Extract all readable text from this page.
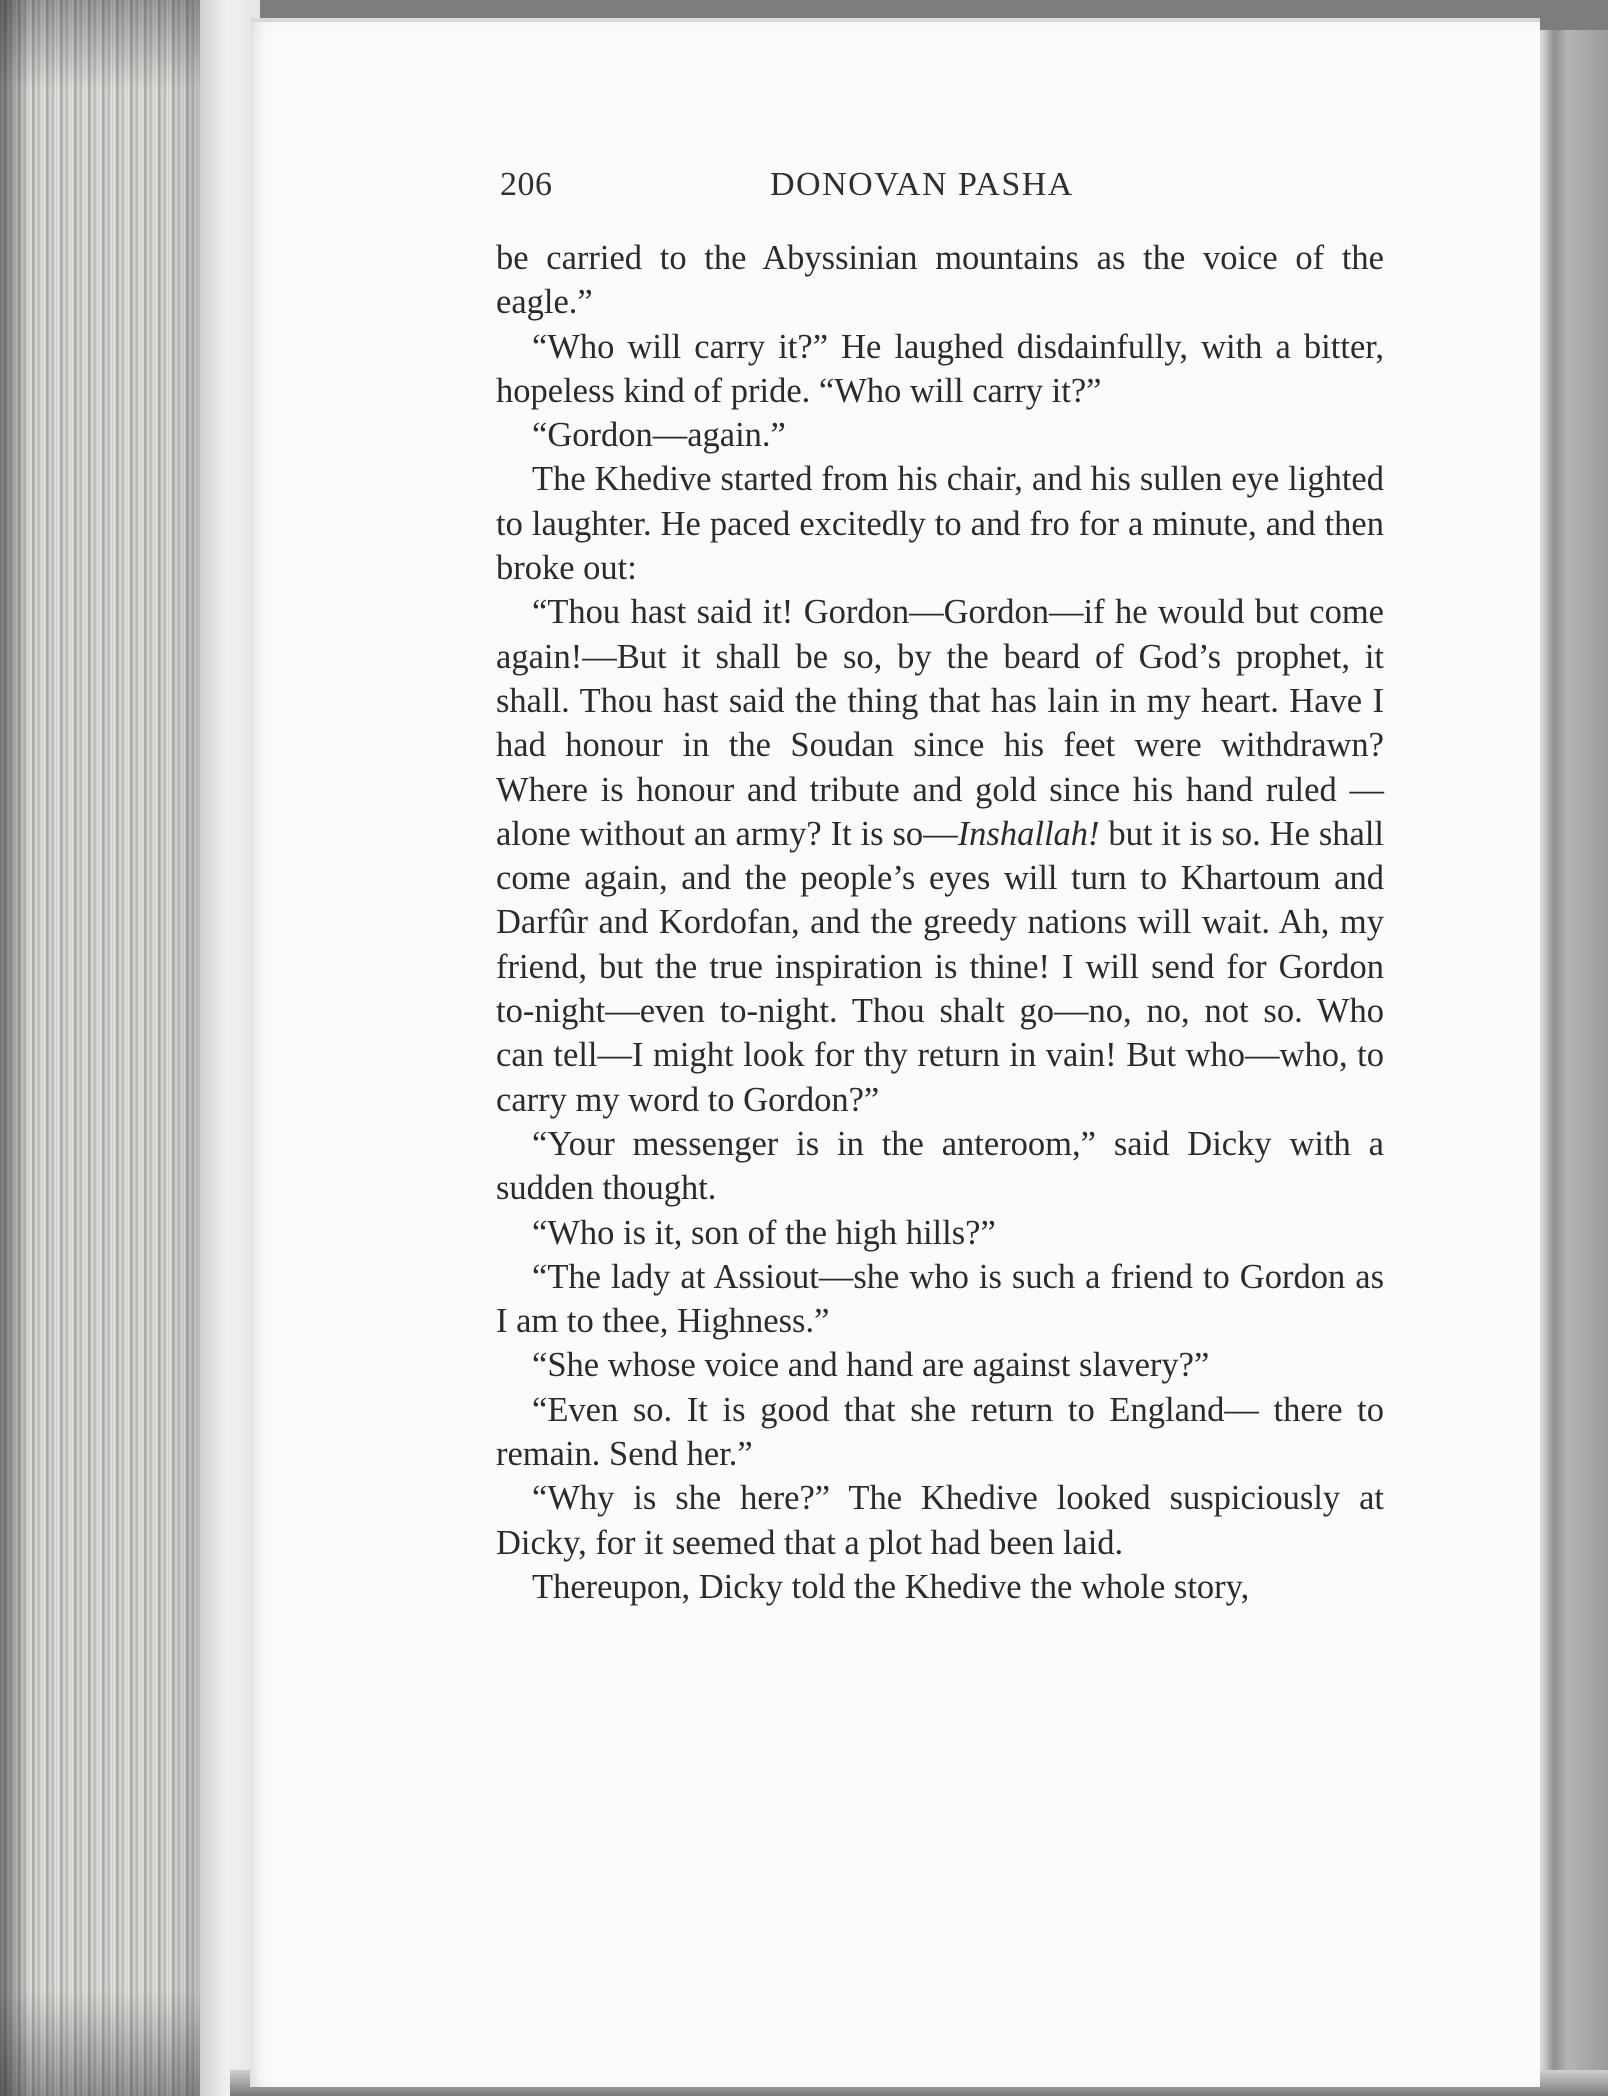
206	DONOVAN PASHA

be carried to the Abyssinian mountains as the voice of the eagle.”

“Who will carry it?” He laughed disdainfully, with a bitter, hopeless kind of pride. “Who will carry it?”

“Gordon—again.”

The Khedive started from his chair, and his sullen eye lighted to laughter. He paced excitedly to and fro for a minute, and then broke out:

“Thou hast said it! Gordon—Gordon—if he would but come again!—But it shall be so, by the beard of God’s prophet, it shall. Thou hast said the thing that has lain in my heart. Have I had honour in the Soudan since his feet were withdrawn? Where is honour and tribute and gold since his hand ruled —alone without an army? It is so—Inshallah! but it is so. He shall come again, and the people’s eyes will turn to Khartoum and Darfûr and Kordofan, and the greedy nations will wait. Ah, my friend, but the true inspiration is thine! I will send for Gordon to-night—even to-night. Thou shalt go—no, no, not so. Who can tell—I might look for thy return in vain! But who—who, to carry my word to Gordon?”

“Your messenger is in the anteroom,” said Dicky with a sudden thought.

“Who is it, son of the high hills?”

“The lady at Assiout—she who is such a friend to Gordon as I am to thee, Highness.”

“She whose voice and hand are against slavery?”

“Even so. It is good that she return to England— there to remain. Send her.”

“Why is she here?” The Khedive looked suspiciously at Dicky, for it seemed that a plot had been laid.

Thereupon, Dicky told the Khedive the whole story,
